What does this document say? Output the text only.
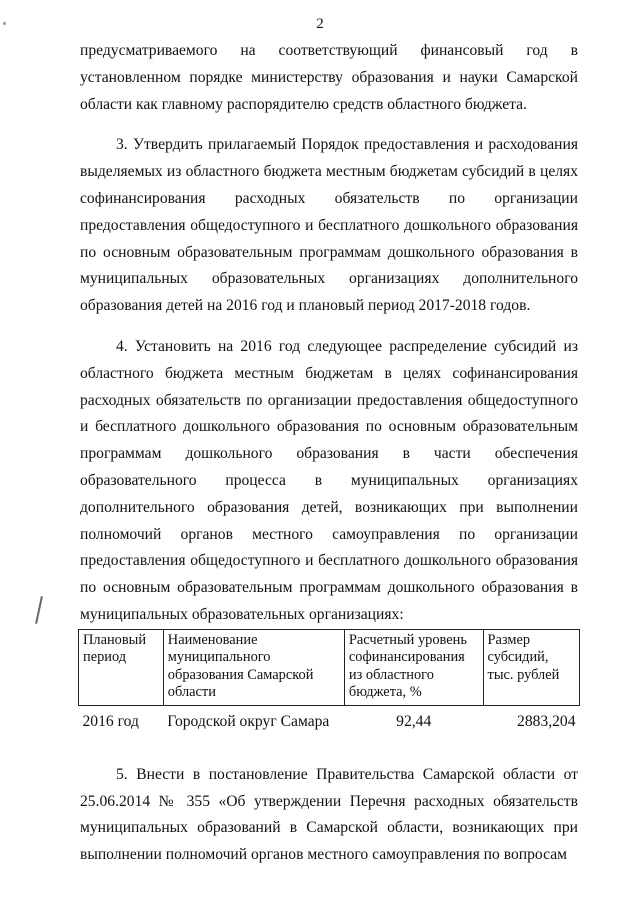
2

предусматриваемого на соответствующий финансовый год в установленном порядке министерству образования и науки Самарской области как главному распорядителю средств областного бюджета.

3. Утвердить прилагаемый Порядок предоставления и расходования выделяемых из областного бюджета местным бюджетам субсидий в целях софинансирования расходных обязательств по организации предоставления общедоступного и бесплатного дошкольного образования по основным образовательным программам дошкольного образования в муниципальных образовательных организациях дополнительного образования детей на 2016 год и плановый период 2017-2018 годов.

4. Установить на 2016 год следующее распределение субсидий из областного бюджета местным бюджетам в целях софинансирования расходных обязательств по организации предоставления общедоступного и бесплатного дошкольного образования по основным образовательным программам дошкольного образования в части обеспечения образовательного процесса в муниципальных организациях дополнительного образования детей, возникающих при выполнении полномочий органов местного самоуправления по организации предоставления общедоступного и бесплатного дошкольного образования по основным образовательным программам дошкольного образования в муниципальных образовательных организациях:

Плановый период	Наименование муниципального образования Самарской области	Расчетный уровень софинансирования из областного бюджета, %	Размер субсидий, тыс. рублей
2016 год	Городской округ Самара	92,44	2883,204

5. Внести в постановление Правительства Самарской области от 25.06.2014 № 355 «Об утверждении Перечня расходных обязательств муниципальных образований в Самарской области, возникающих при выполнении полномочий органов местного самоуправления по вопросам
